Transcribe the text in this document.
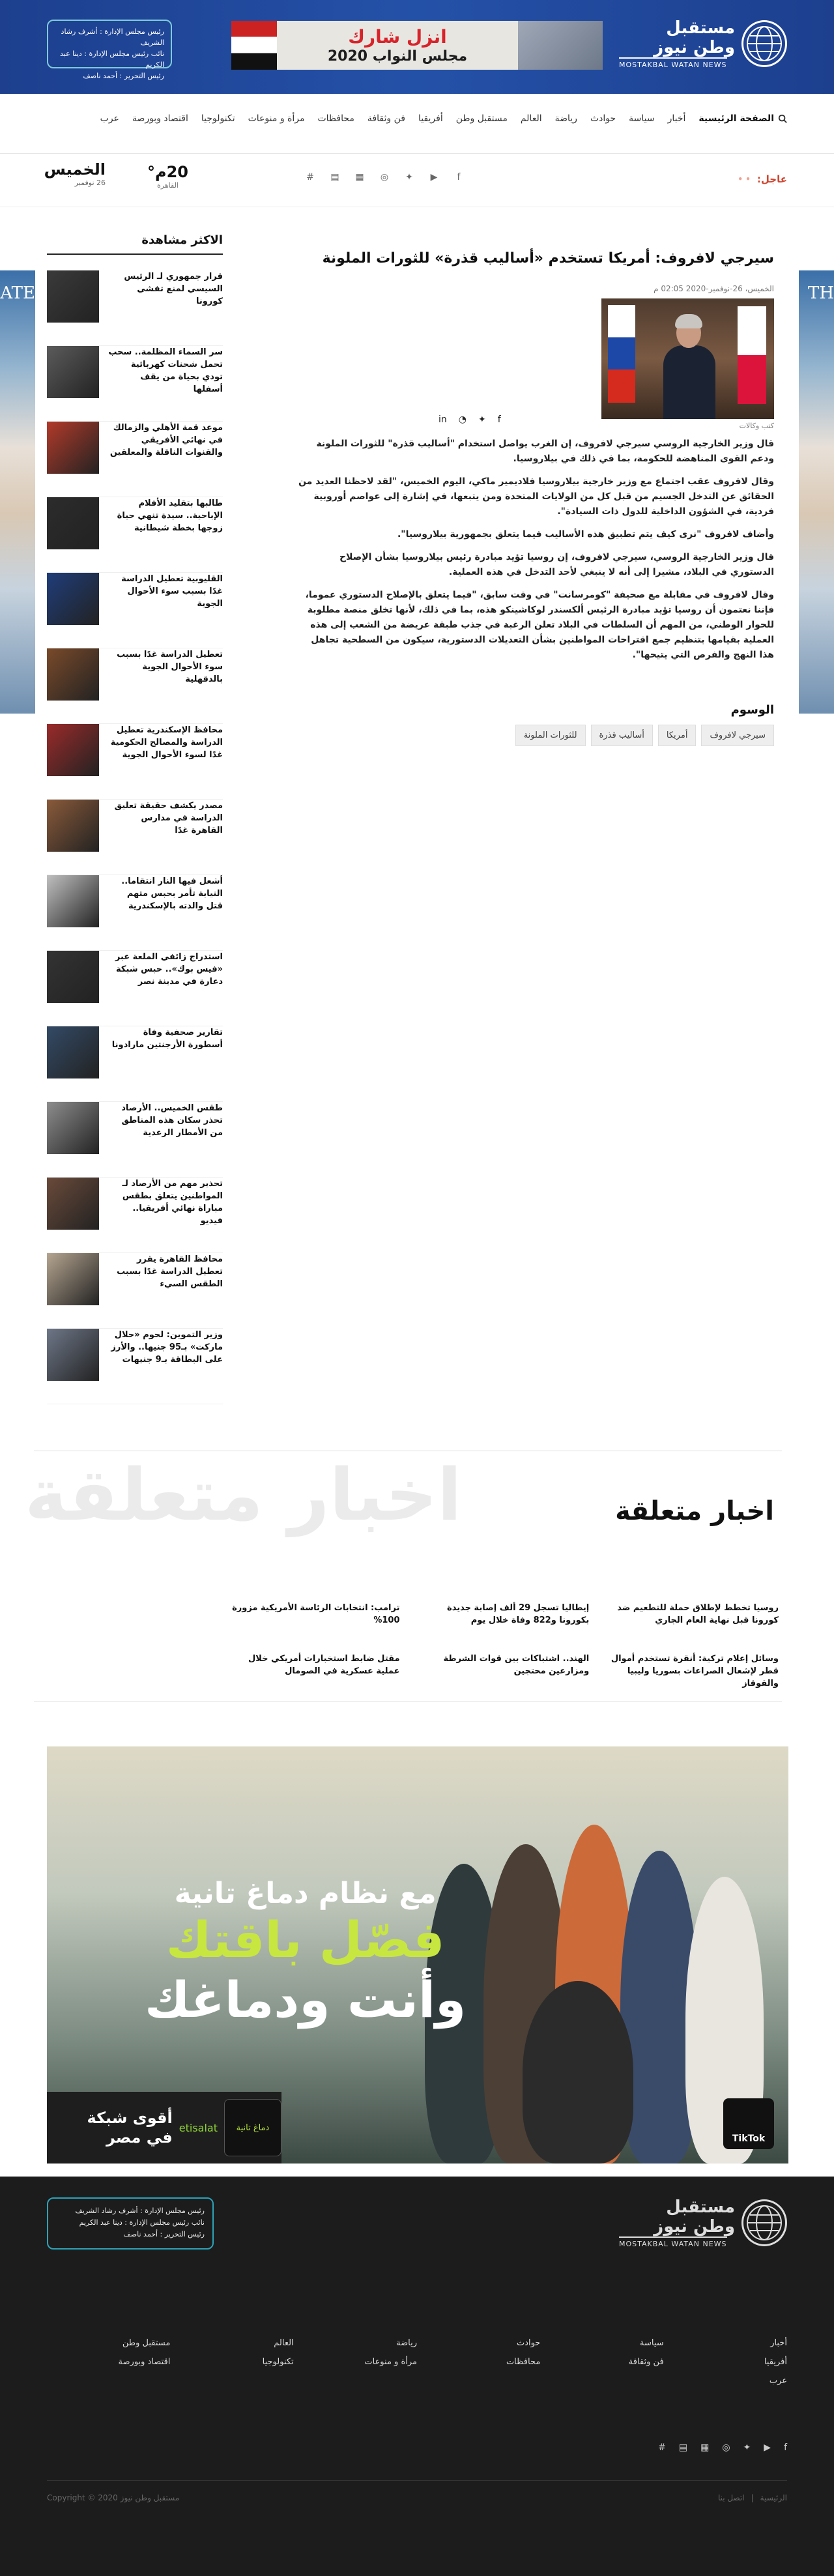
مستقبل وطن نيوز
MOSTAKBAL WATAN NEWS
انزل شارك
مجلس النواب 2020
رئيس مجلس الإدارة : أشرف رشاد الشريف
نائب رئيس مجلس الإدارة : دينا عبد الكريم
رئيس التحرير : أحمد ناصف
الصفحة الرئيسية
أخبار
سياسة
حوادث
رياضة
العالم
مستقبل وطن
أفريقيا
فن وثقافة
محافظات
مرأة و منوعات
تكنولوجيا
اقتصاد وبورصة
عرب
عاجل:
• •
f
▶
✦
◎
▦
▤
#
20م°
القاهرة
الخميس
26 نوفمبر
ATE	TH
سيرجي لافروف: أمريكا تستخدم «أساليب قذرة» للثورات الملونة
الخميس، 26-نوفمبر-2020 02:05 م
كتب وكالات
in ◔ ✦ f

قال وزير الخارجية الروسي سيرجي لافروف، إن الغرب يواصل استخدام "أساليب قذرة" للثورات الملونة ودعم القوى المناهضة للحكومة، بما في ذلك في بيلاروسيا.

وقال لافروف عقب اجتماع مع وزير خارجية بيلاروسيا فلاديمير ماكي، اليوم الخميس، "لقد لاحظنا العديد من الحقائق عن التدخل الجسيم من قبل كل من الولايات المتحدة ومن يتبعها، في إشارة إلى عواصم أوروبية فردية، في الشؤون الداخلية للدول ذات السيادة".

وأضاف لافروف "نرى كيف يتم تطبيق هذه الأساليب فيما يتعلق بجمهورية بيلاروسيا".

قال وزير الخارجية الروسي، سيرجي لافروف، إن روسيا تؤيد مبادرة رئيس بيلاروسيا بشأن الإصلاح الدستوري في البلاد، مشيرا إلى أنه لا ينبغي لأحد التدخل في هذه العملية.

وقال لافروف في مقابلة مع صحيفة "كومرسانت" في وقت سابق، "فيما يتعلق بالإصلاح الدستوري عموما، فإننا نعتمون أن روسيا تؤيد مبادرة الرئيس ألكسندر لوكاشينكو هذه، بما في ذلك، لأنها تخلق منصة مطلوبة للحوار الوطني، من المهم أن السلطات في البلاد تعلن الرغبة في جذب طبقة عريضة من الشعب إلى هذه العملية بقيامها بتنظيم جمع اقتراحات المواطنين بشأن التعديلات الدستورية، سيكون من السطحية تجاهل هذا النهج والفرص التي يتيحها".

الوسوم
سيرجي لافروف
أمريكا
أساليب قذرة
للثورات الملونة
الاكثر مشاهدة
قرار جمهوري لـ الرئيس السيسي لمنع تفشي كورونا
سر السماء المظلمة.. سحب تحمل شحنات كهربائية تودي بحياة من يقف أسفلها
موعد قمة الأهلي والزمالك في نهائي الأفريقي والقنوات الناقلة والمعلقين
طالبها بتقليد الأفلام الإباحية.. سيدة تنهي حياة زوجها بخطة شيطانية
القليوبية تعطيل الدراسة غدًا بسبب سوء الأحوال الجوية
تعطيل الدراسة غدًا بسبب سوء الأحوال الجوية بالدقهلية
محافظ الإسكندرية تعطيل الدراسة والمصالح الحكومية غدًا لسوء الأحوال الجوية
مصدر يكشف حقيقة تعليق الدراسة في مدارس القاهرة غدًا
أشعل فيها النار انتقاما.. النيابة تأمر بحبس متهم قتل والدته بالإسكندرية
استدراج زائفي الملعة عبر «فيس بوك».. حبس شبكة دعارة في مدينة نصر
تقارير صحفية وفاة أسطورة الأرجنتين مارادونا
طقس الخميس.. الأرصاد تحذر سكان هذه المناطق من الأمطار الرعدية
تحذير مهم من الأرصاد لـ المواطنين يتعلق بطقس مباراة نهائي أفريقيا.. فيديو
محافظ القاهرة يقرر تعطيل الدراسة غدًا بسبب الطقس السيء
وزير التموين: لحوم «حلال ماركت» بـ95 جنيها.. والأرز على البطاقة بـ9 جنيهات
اخبار متعلقة	اخبار متعلقة
روسيا تخطط لإطلاق حملة للتطعيم ضد كورونا قبل نهاية العام الجاري
إيطاليا تسجل 29 ألف إصابة جديدة بكورونا و822 وفاة خلال يوم
ترامب: انتخابات الرئاسة الأمريكية مزورة 100%
وسائل إعلام تركية: أنقرة تستخدم أموال قطر لإشعال الصراعات بسوريا وليبيا والقوقاز
الهند.. اشتباكات بين قوات الشرطة ومزارعين محتجين
مقتل ضابط استخبارات أمريكي خلال عملية عسكرية في الصومال
مع نظام دماغ تانية
فصّل باقتك
وأنت ودماغك
دماغ تانية
etisalat
أقوى شبكة
في مصر	TikTok
مستقبل وطن نيوز
MOSTAKBAL WATAN NEWS
رئيس مجلس الإدارة : أشرف رشاد الشريف
نائب رئيس مجلس الإدارة : دينا عبد الكريم
رئيس التحرير : أحمد ناصف
أخبار
سياسة
حوادث
رياضة
العالم
مستقبل وطن
أفريقيا
فن وثقافة
محافظات
مرأة و منوعات
تكنولوجيا
اقتصاد وبورصة
عرب
f
▶
✦
◎
▦
▤
#
الرئيسية
|
اتصل بنا
مستقبل وطن نيوز 2020 © Copyright
